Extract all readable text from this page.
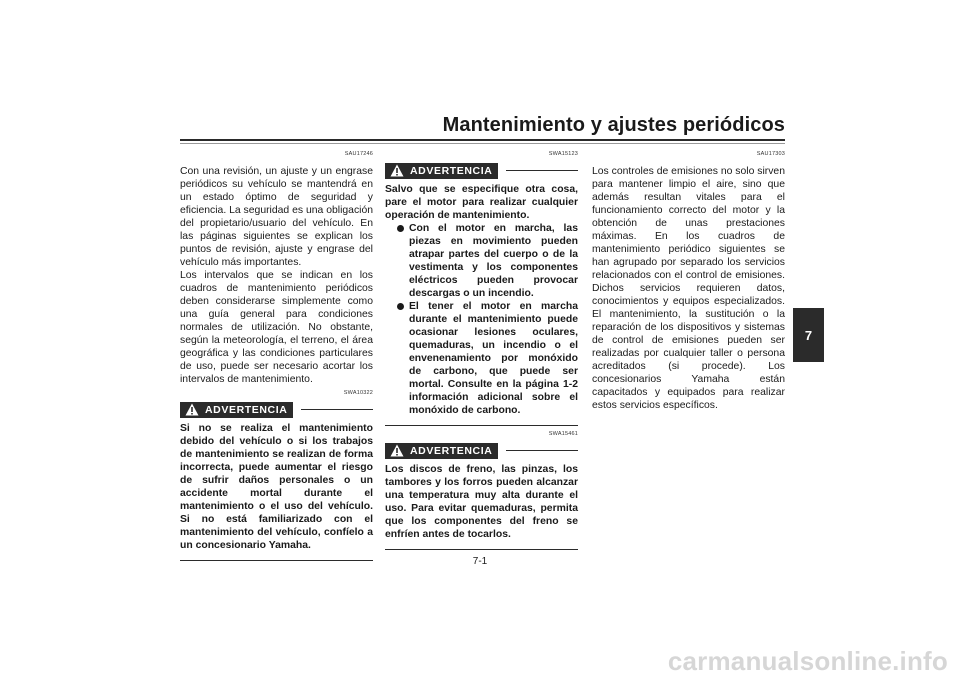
Mantenimiento y ajustes periódicos
7
SAU17246

Con una revisión, un ajuste y un engrase periódicos su vehículo se mantendrá en un estado óptimo de seguridad y eficiencia. La seguridad es una obligación del propietario/usuario del vehículo. En las páginas siguientes se explican los puntos de revisión, ajuste y engrase del vehículo más importantes.

Los intervalos que se indican en los cuadros de mantenimiento periódicos deben considerarse simplemente como una guía general para condiciones normales de utilización. No obstante, según la meteorología, el terreno, el área geográfica y las condiciones particulares de uso, puede ser necesario acortar los intervalos de mantenimiento.

SWA10322
ADVERTENCIA

Si no se realiza el mantenimiento debido del vehículo o si los trabajos de mantenimiento se realizan de forma incorrecta, puede aumentar el riesgo de sufrir daños personales o un accidente mortal durante el mantenimiento o el uso del vehículo. Si no está familiarizado con el mantenimiento del vehículo, confíelo a un concesionario Yamaha.

SWA15123
ADVERTENCIA

Salvo que se especifique otra cosa, pare el motor para realizar cualquier operación de mantenimiento.

Con el motor en marcha, las piezas en movimiento pueden atrapar partes del cuerpo o de la vestimenta y los componentes eléctricos pueden provocar descargas o un incendio.
El tener el motor en marcha durante el mantenimiento puede ocasionar lesiones oculares, quemaduras, un incendio o el envenenamiento por monóxido de carbono, que puede ser mortal. Consulte en la página 1-2 información adicional sobre el monóxido de carbono.
SWA15461
ADVERTENCIA

Los discos de freno, las pinzas, los tambores y los forros pueden alcanzar una temperatura muy alta durante el uso. Para evitar quemaduras, permita que los componentes del freno se enfríen antes de tocarlos.

SAU17303

Los controles de emisiones no solo sirven para mantener limpio el aire, sino que además resultan vitales para el funcionamiento correcto del motor y la obtención de unas prestaciones máximas. En los cuadros de mantenimiento periódico siguientes se han agrupado por separado los servicios relacionados con el control de emisiones. Dichos servicios requieren datos, conocimientos y equipos especializados. El mantenimiento, la sustitución o la reparación de los dispositivos y sistemas de control de emisiones pueden ser realizadas por cualquier taller o persona acreditados (si procede). Los concesionarios Yamaha están capacitados y equipados para realizar estos servicios específicos.

7-1
carmanualsonline.info
